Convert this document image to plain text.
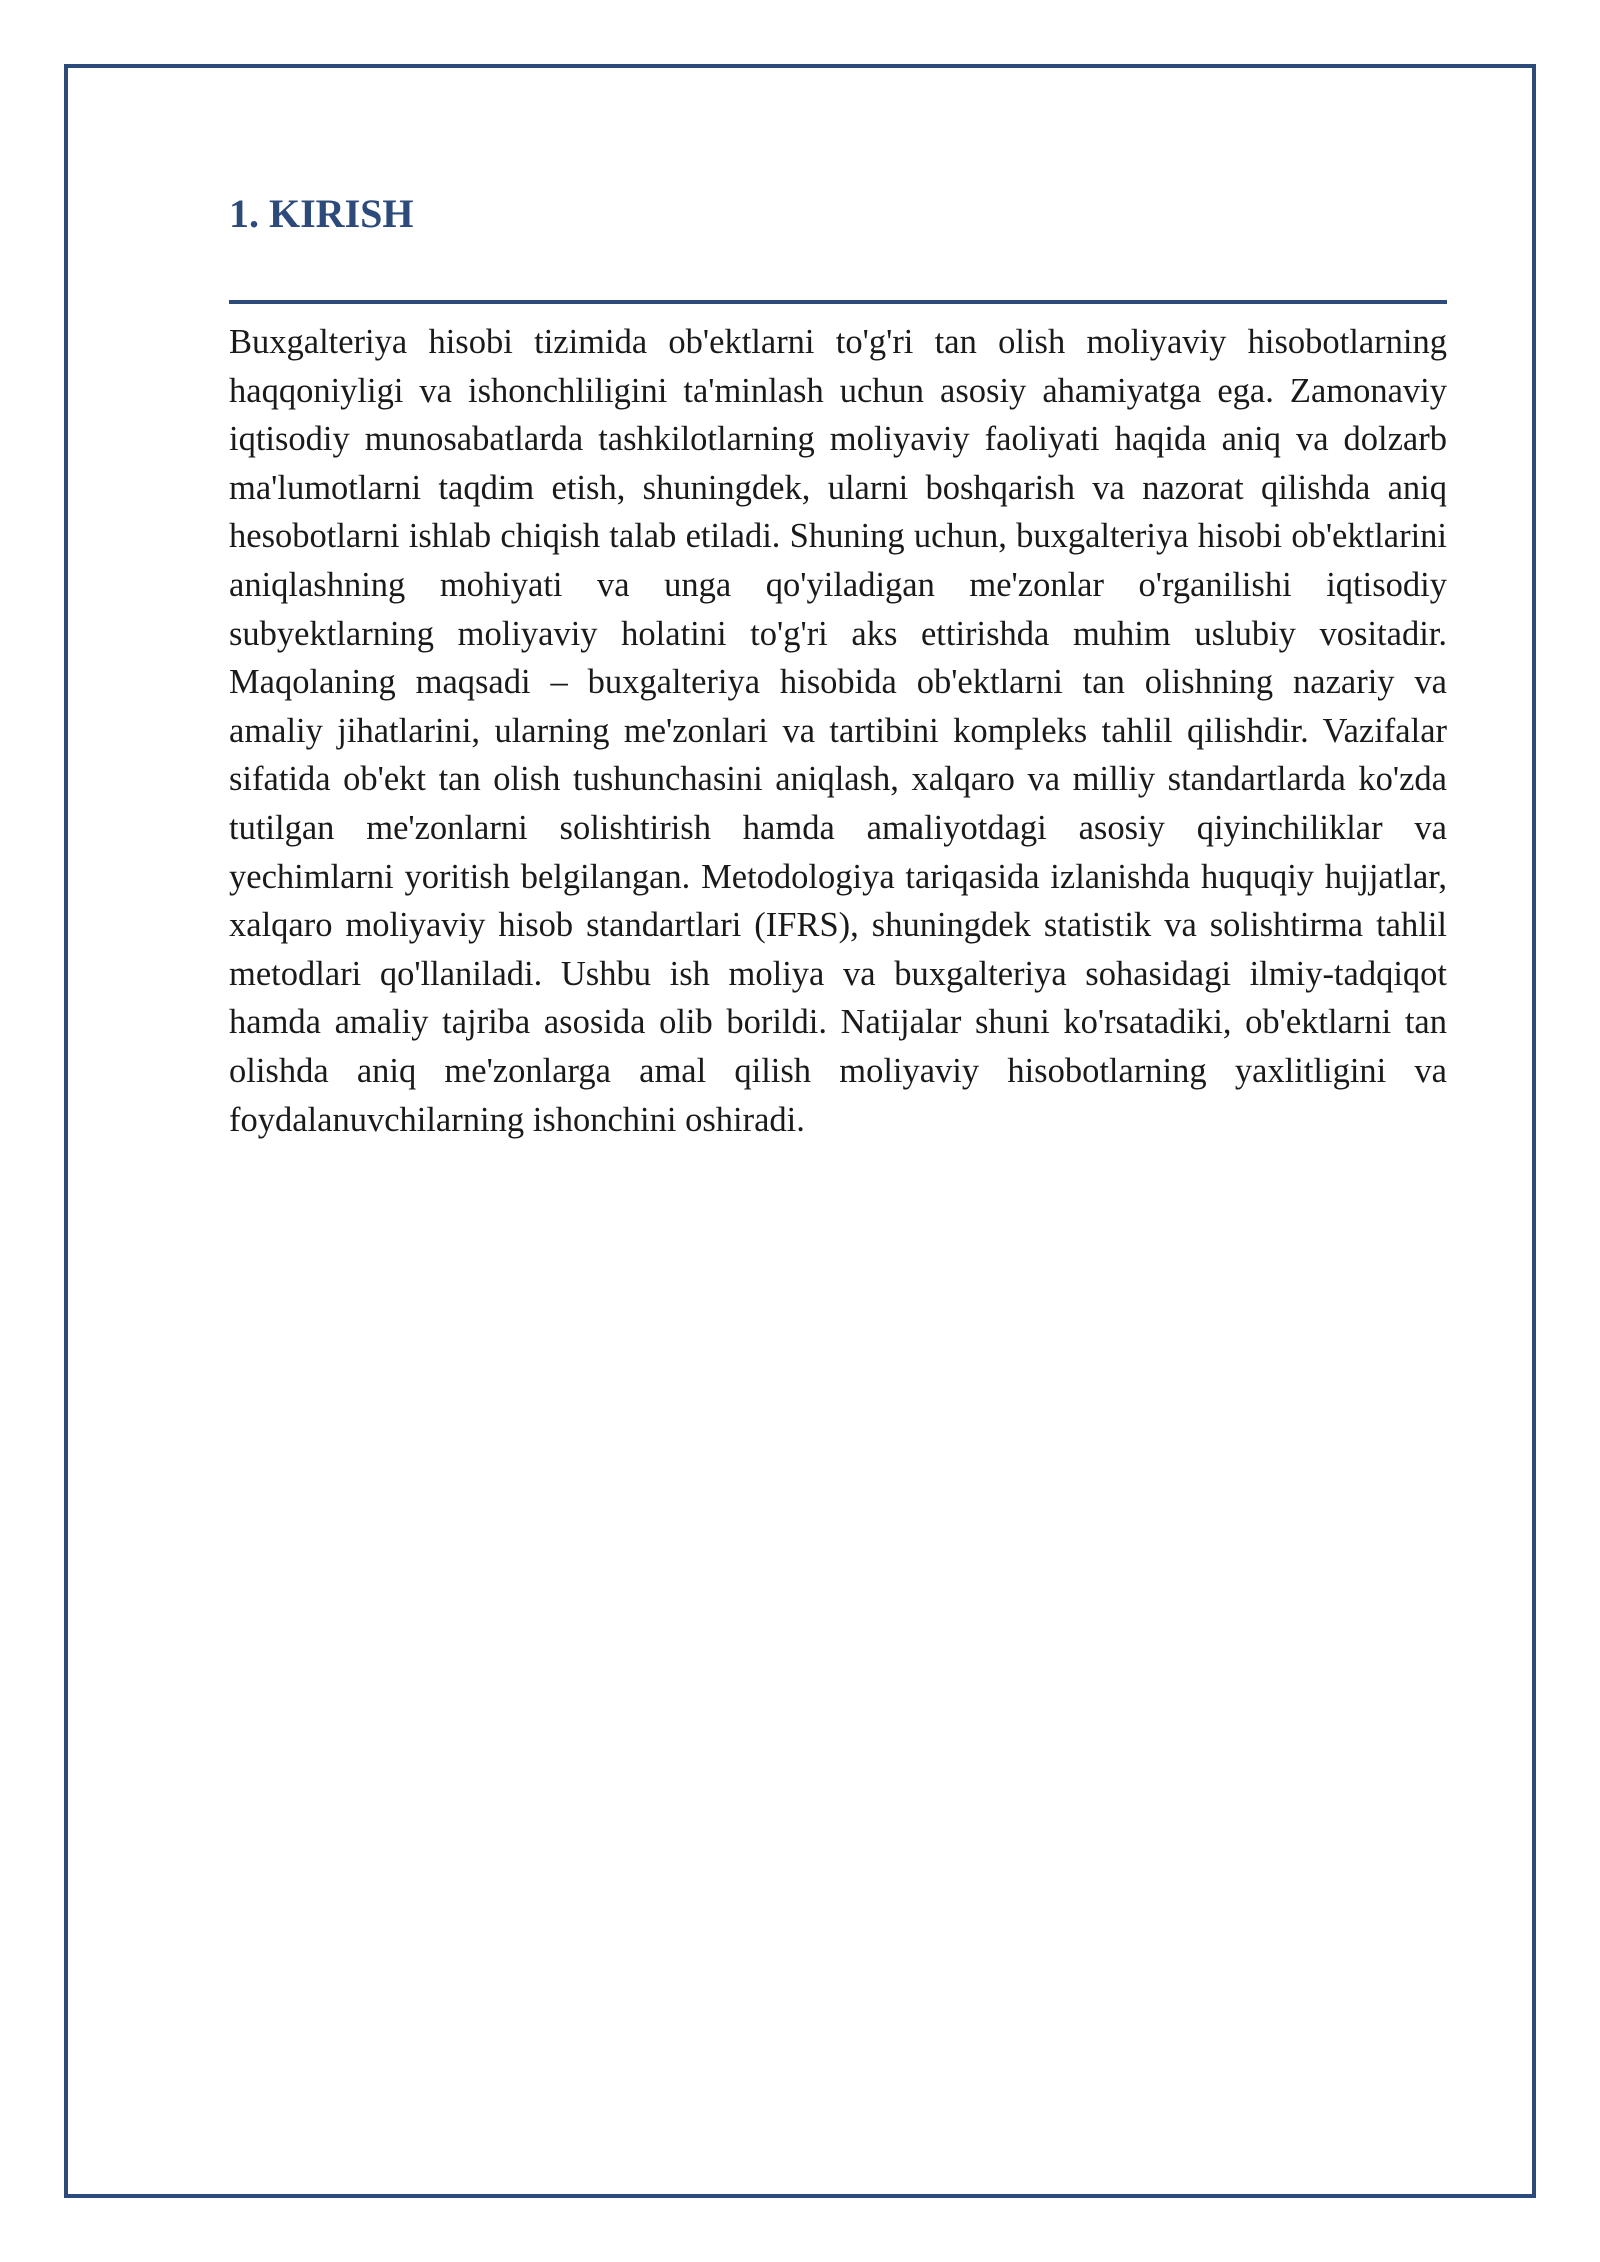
1. KIRISH

Buxgalteriya hisobi tizimida ob'ektlarni to'g'ri tan olish moliyaviy hisobotlarning haqqoniyligi va ishonchliligini ta'minlash uchun asosiy ahamiyatga ega. Zamonaviy iqtisodiy munosabatlarda tashkilotlarning moliyaviy faoliyati haqida aniq va dolzarb ma'lumotlarni taqdim etish, shuningdek, ularni boshqarish va nazorat qilishda aniq hesobotlarni ishlab chiqish talab etiladi. Shuning uchun, buxgalteriya hisobi ob'ektlarini aniqlashning mohiyati va unga qo'yiladigan me'zonlar o'rganilishi iqtisodiy subyektlarning moliyaviy holatini to'g'ri aks ettirishda muhim uslubiy vositadir. Maqolaning maqsadi – buxgalteriya hisobida ob'ektlarni tan olishning nazariy va amaliy jihatlarini, ularning me'zonlari va tartibini kompleks tahlil qilishdir. Vazifalar sifatida ob'ekt tan olish tushunchasini aniqlash, xalqaro va milliy standartlarda ko'zda tutilgan me'zonlarni solishtirish hamda amaliyotdagi asosiy qiyinchiliklar va yechimlarni yoritish belgilangan. Metodologiya tariqasida izlanishda huquqiy hujjatlar, xalqaro moliyaviy hisob standartlari (IFRS), shuningdek statistik va solishtirma tahlil metodlari qo'llaniladi. Ushbu ish moliya va buxgalteriya sohasidagi ilmiy-tadqiqot hamda amaliy tajriba asosida olib borildi. Natijalar shuni ko'rsatadiki, ob'ektlarni tan olishda aniq me'zonlarga amal qilish moliyaviy hisobotlarning yaxlitligini va foydalanuvchilarning ishonchini oshiradi.
